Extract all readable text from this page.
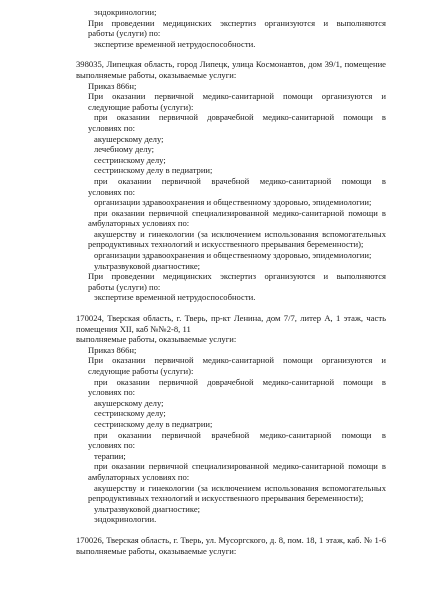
эндокринологии;
При проведении медицинских экспертиз организуются и выполняются
работы (услуги) по:
экспертизе временной нетрудоспособности.
398035, Липецкая область, город Липецк, улица Космонавтов, дом 39/1, помещение
выполняемые работы, оказываемые услуги:
Приказ 866н;
При оказании первичной медико-санитарной помощи организуются и
следующие работы (услуги):
при оказании первичной доврачебной медико-санитарной помощи в
условиях по:
акушерскому делу;
лечебному делу;
сестринскому делу;
сестринскому делу в педиатрии;
при оказании первичной врачебной медико-санитарной помощи в
условиях по:
организации здравоохранения и общественному здоровью, эпидемиологии;
при оказании первичной специализированной медико-санитарной помощи в
амбулаторных условиях по:
акушерству и гинекологии (за исключением использования вспомогательных
репродуктивных технологий и искусственного прерывания беременности);
организации здравоохранения и общественному здоровью, эпидемиологии;
ультразвуковой диагностике;
При проведении медицинских экспертиз организуются и выполняются
работы (услуги) по:
экспертизе временной нетрудоспособности.
170024, Тверская область, г. Тверь, пр-кт Ленина, дом 7/7, литер А, 1 этаж, часть
помещения XII, каб №№2-8, 11
выполняемые работы, оказываемые услуги:
Приказ 866н;
При оказании первичной медико-санитарной помощи организуются и
следующие работы (услуги):
при оказании первичной доврачебной медико-санитарной помощи в
условиях по:
акушерскому делу;
сестринскому делу;
сестринскому делу в педиатрии;
при оказании первичной врачебной медико-санитарной помощи в
условиях по:
терапии;
при оказании первичной специализированной медико-санитарной помощи в
амбулаторных условиях по:
акушерству и гинекологии (за исключением использования вспомогательных
репродуктивных технологий и искусственного прерывания беременности);
ультразвуковой диагностике;
эндокринологии.
170026, Тверская область, г. Тверь, ул. Мусоргского, д. 8, пом. 18, 1 этаж, каб. № 1-6
выполняемые работы, оказываемые услуги:
